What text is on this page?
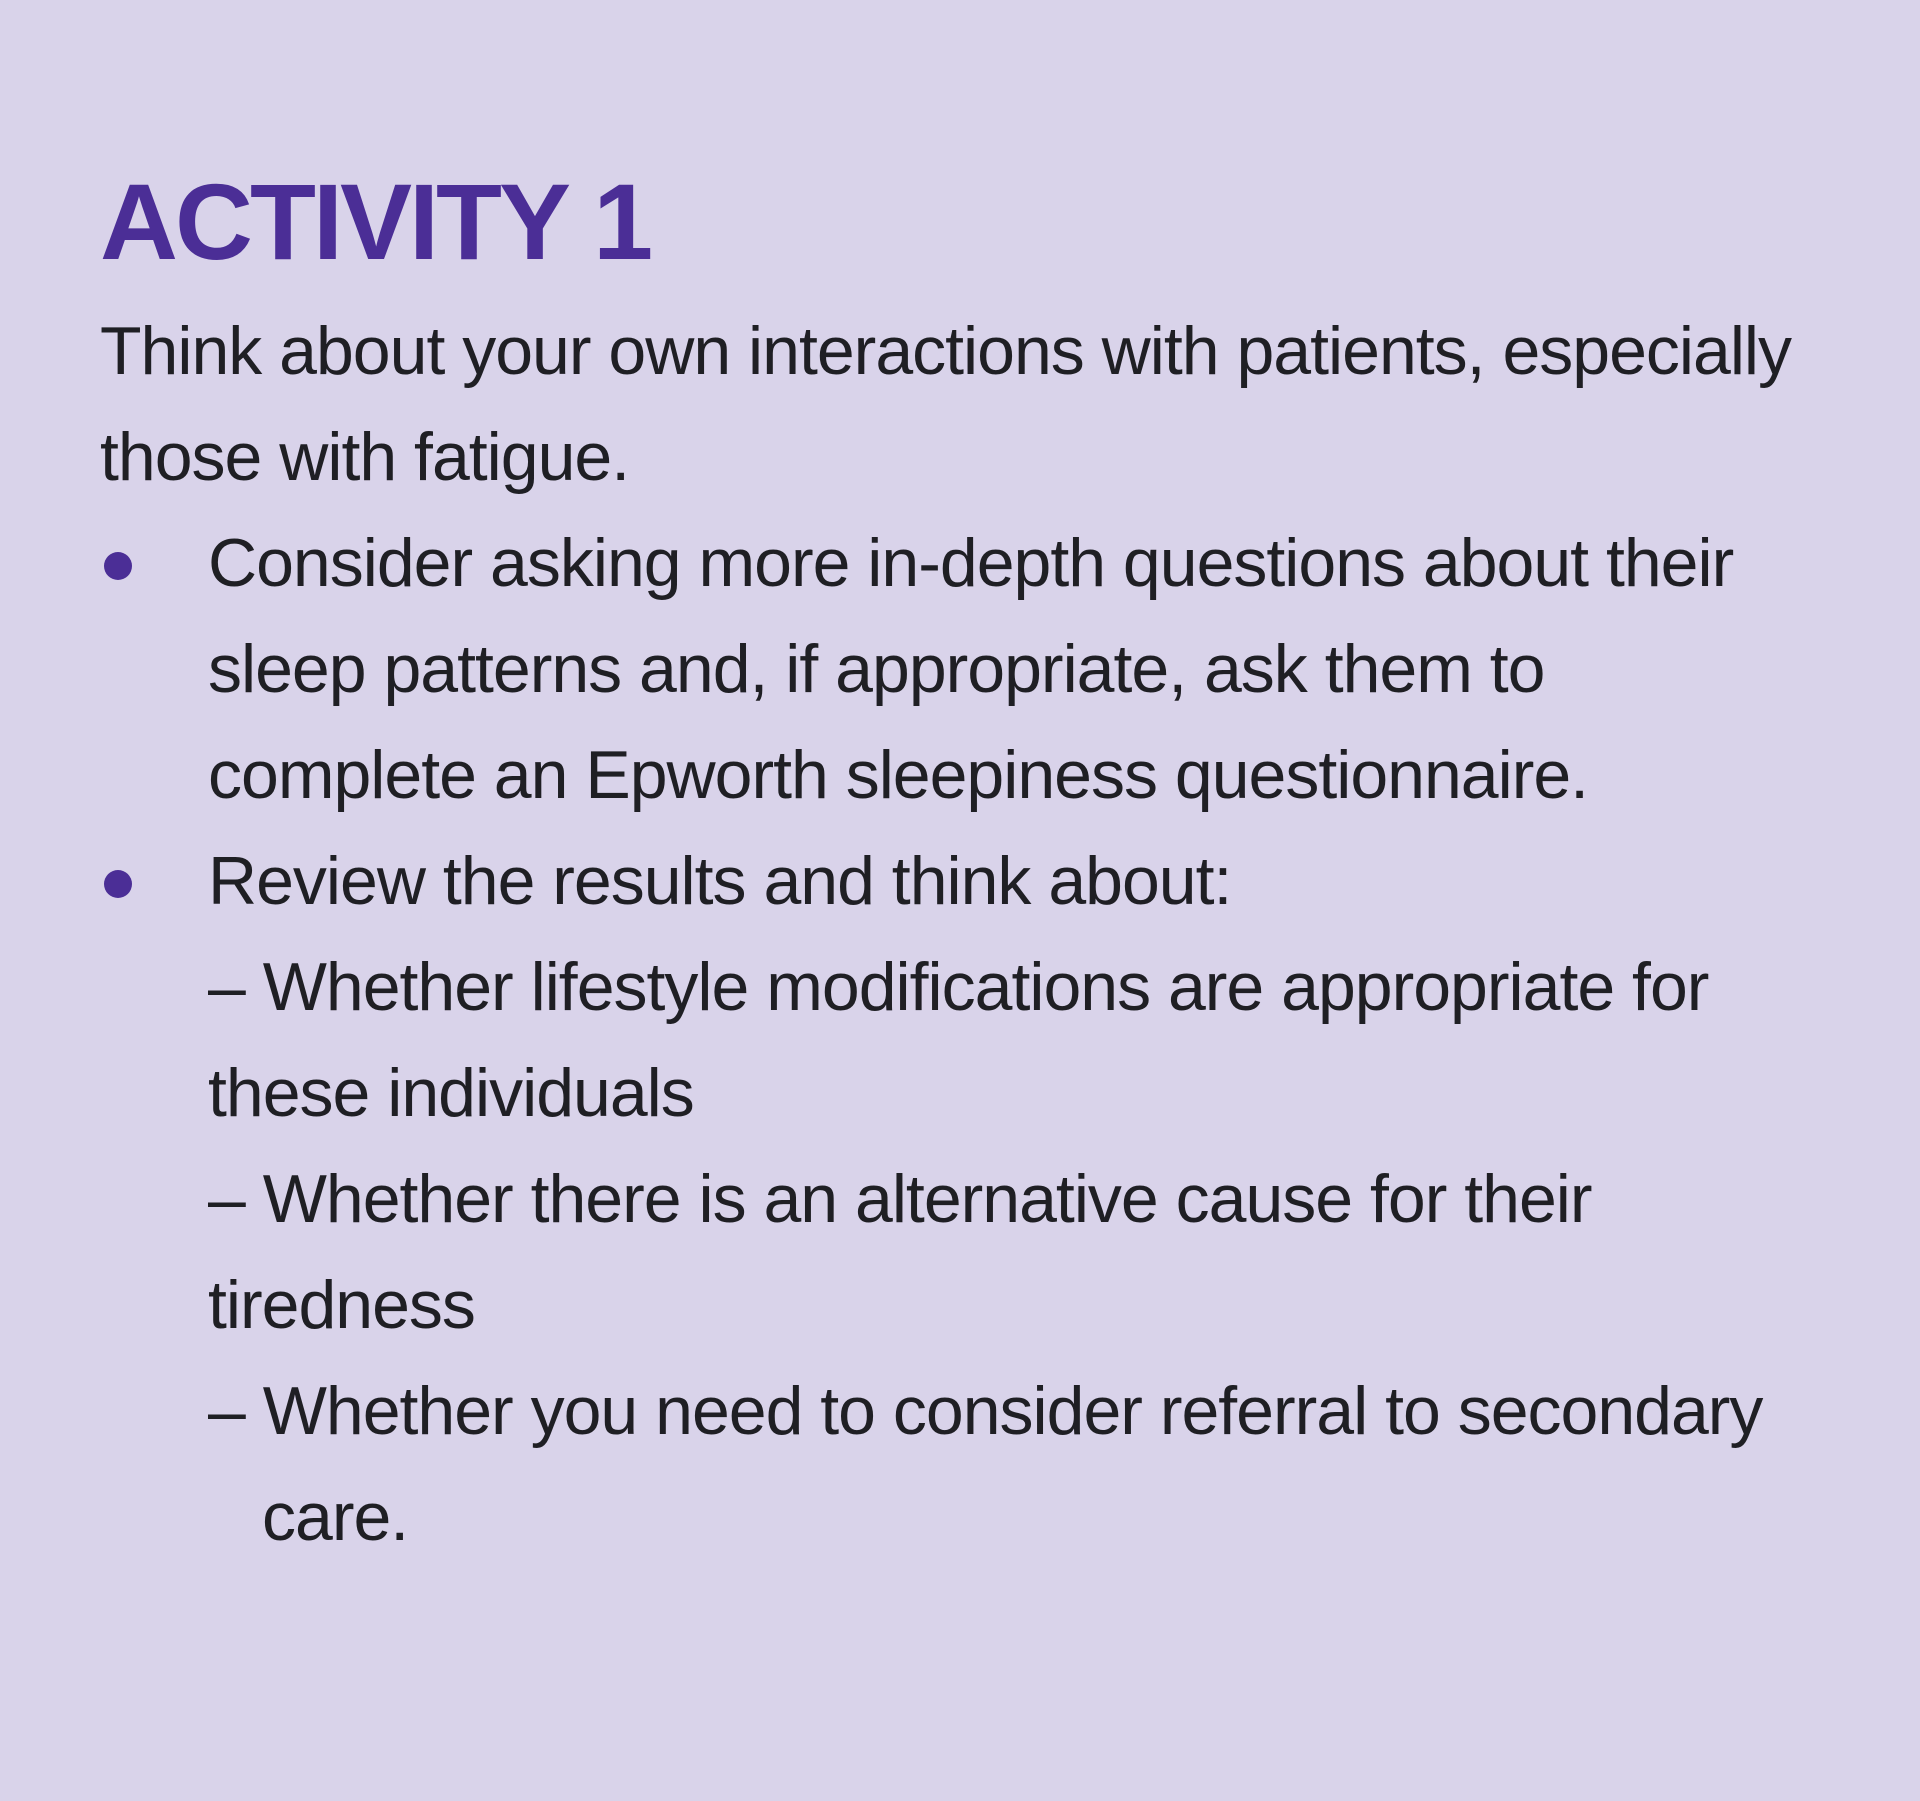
ACTIVITY 1

Think about your own interactions with patients, especially those with fatigue.

Consider asking more in-depth questions about their sleep patterns and, if appropriate, ask them to complete an Epworth sleepiness questionnaire.
Review the results and think about:
– Whether lifestyle modifications are appropriate for these individuals
– Whether there is an alternative cause for their tiredness
– Whether you need to consider referral to secondary care.
